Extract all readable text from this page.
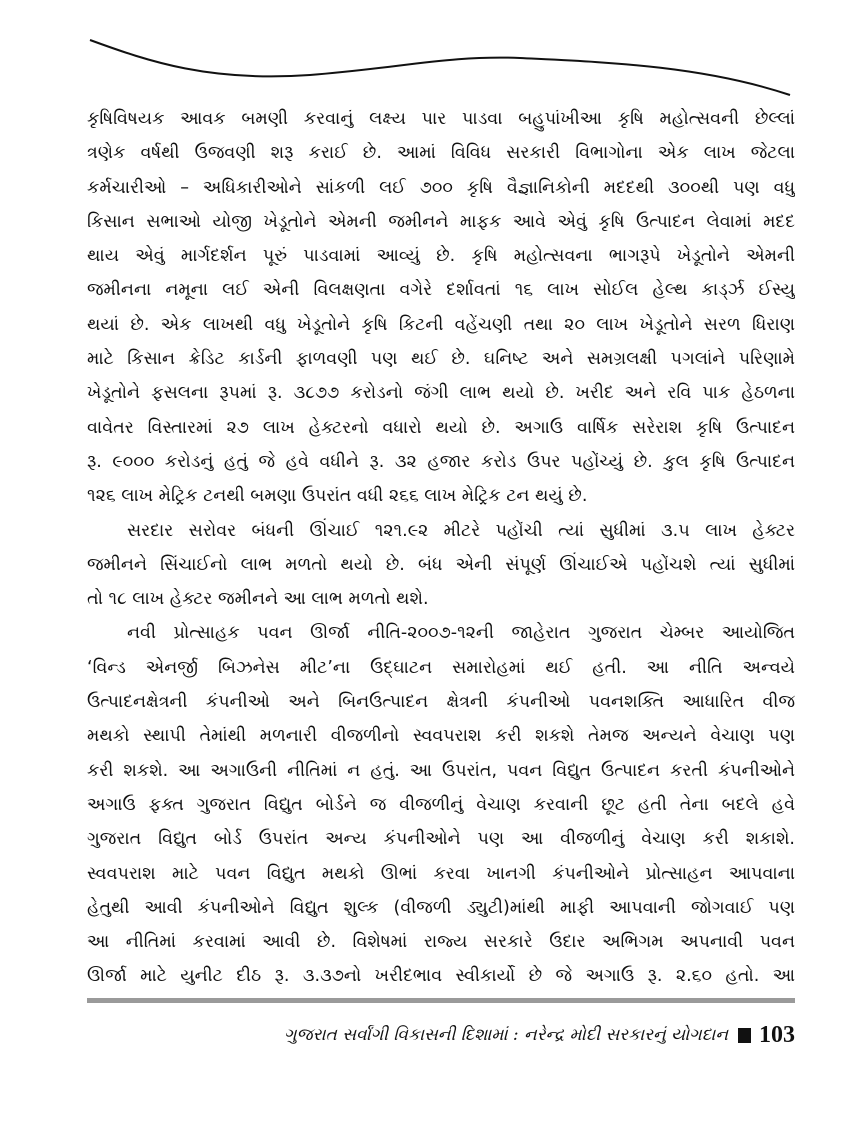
કૃષિવિષયક આવક બમણી કરવાનું લક્ષ્ય પાર પાડવા બહુપાંખીઆ કૃષિ મહોત્સવની છેલ્લાં
ત્રણેક વર્ષથી ઉજવણી શરૂ કરાઈ છે. આમાં વિવિધ સરકારી વિભાગોના એક લાખ જેટલા
કર્મચારીઓ – અધિકારીઓને સાંકળી લઈ ૭૦૦ કૃષિ વૈજ્ઞાનિકોની મદદથી ૩૦૦થી પણ વધુ
કિસાન સભાઓ યોજી ખેડૂતોને એમની જમીનને માફક આવે એવું કૃષિ ઉત્પાદન લેવામાં મદદ
થાય એવું માર્ગદર્શન પૂરું પાડવામાં આવ્યું છે. કૃષિ મહોત્સવના ભાગરૂપે ખેડૂતોને એમની
જમીનના નમૂના લઈ એની વિલક્ષણતા વગેરે દર્શાવતાં ૧૬ લાખ સોઈલ હેલ્થ કાર્ડ્ઝ ઈસ્યુ
થયાં છે. એક લાખથી વધુ ખેડૂતોને કૃષિ કિટની વહેંચણી તથા ૨૦ લાખ ખેડૂતોને સરળ ધિરાણ
માટે કિસાન ક્રેડિટ કાર્ડની ફાળવણી પણ થઈ છે. ઘનિષ્ટ અને સમગ્રલક્ષી પગલાંને પરિણામે
ખેડૂતોને ફસલના રૂપમાં રૂ. ૩૮૭૭ કરોડનો જંગી લાભ થયો છે. ખરીદ અને રવિ પાક હેઠળના
વાવેતર વિસ્તારમાં ૨૭ લાખ હેક્ટરનો વધારો થયો છે. અગાઉ વાર્ષિક સરેરાશ કૃષિ ઉત્પાદન
રૂ. ૯૦૦૦ કરોડનું હતું જે હવે વધીને રૂ. ૩૨ હજાર કરોડ ઉપર પહોંચ્યું છે. કુલ કૃષિ ઉત્પાદન
૧૨૬ લાખ મેટ્રિક ટનથી બમણા ઉપરાંત વધી ૨૬૬ લાખ મેટ્રિક ટન થયું છે.
સરદાર સરોવર બંધની ઊંચાઈ ૧૨૧.૯૨ મીટરે પહોંચી ત્યાં સુધીમાં ૩.૫ લાખ હેક્ટર
જમીનને સિંચાઈનો લાભ મળતો થયો છે. બંધ એની સંપૂર્ણ ઊંચાઈએ પહોંચશે ત્યાં સુધીમાં
તો ૧૮ લાખ હેક્ટર જમીનને આ લાભ મળતો થશે.
નવી પ્રોત્સાહક પવન ઊર્જા નીતિ-૨૦૦૭-૧૨ની જાહેરાત ગુજરાત ચેમ્બર આયોજિત
‘વિન્ડ એનર્જી બિઝનેસ મીટ’ના ઉદ્‌ઘાટન સમારોહમાં થઈ હતી. આ નીતિ અન્વયે
ઉત્પાદનક્ષેત્રની કંપનીઓ અને બિનઉત્પાદન ક્ષેત્રની કંપનીઓ પવનશક્તિ આધારિત વીજ
મથકો સ્થાપી તેમાંથી મળનારી વીજળીનો સ્વવપરાશ કરી શકશે તેમજ અન્યને વેચાણ પણ
કરી શકશે. આ અગાઉની નીતિમાં ન હતું. આ ઉપરાંત, પવન વિદ્યુત ઉત્પાદન કરતી કંપનીઓને
અગાઉ ફક્ત ગુજરાત વિદ્યુત બોર્ડને જ વીજળીનું વેચાણ કરવાની છૂટ હતી તેના બદલે હવે
ગુજરાત વિદ્યુત બોર્ડ ઉપરાંત અન્ય કંપનીઓને પણ આ વીજળીનું વેચાણ કરી શકાશે.
સ્વવપરાશ માટે પવન વિદ્યુત મથકો ઊભાં કરવા ખાનગી કંપનીઓને પ્રોત્સાહન આપવાના
હેતુથી આવી કંપનીઓને વિદ્યુત શુલ્ક (વીજળી ડ્યુટી)માંથી માફી આપવાની જોગવાઈ પણ
આ નીતિમાં કરવામાં આવી છે. વિશેષમાં રાજ્ય સરકારે ઉદાર અભિગમ અપનાવી પવન
ઊર્જા માટે યુનીટ દીઠ રૂ. ૩.૩૭નો ખરીદભાવ સ્વીકાર્યો છે જે અગાઉ રૂ. ૨.૬૦ હતો. આ
ગુજરાત સર્વાંગી વિકાસની દિશામાં : નરેન્દ્ર મોદી સરકારનું યોગદાન 103
